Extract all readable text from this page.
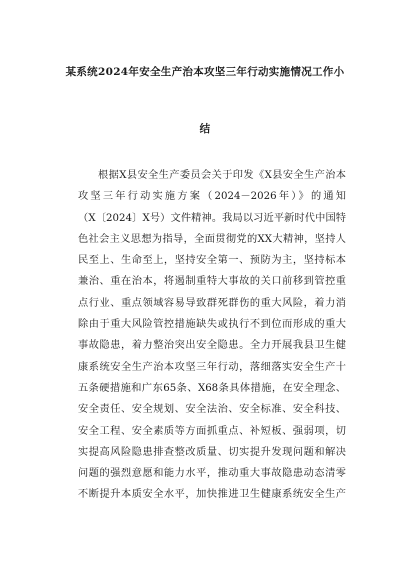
某系统2024年安全生产治本攻坚三年行动实施情况工作小
结
根据X县安全生产委员会关于印发《X县安全生产治本
攻坚三年行动实施方案（2024－2026年）》的通知
（X〔2024〕X号）文件精神。我局以习近平新时代中国特
色社会主义思想为指导，全面贯彻党的XX大精神，坚持人
民至上、生命至上，坚持安全第一、预防为主，坚持标本
兼治、重在治本，将遏制重特大事故的关口前移到管控重
点行业、重点领域容易导致群死群伤的重大风险，着力消
除由于重大风险管控措施缺失或执行不到位而形成的重大
事故隐患，着力整治突出安全隐患。全力开展我县卫生健
康系统安全生产治本攻坚三年行动，落细落实安全生产十
五条硬措施和广东65条、X68条具体措施，在安全理念、
安全责任、安全规划、安全法治、安全标准、安全科技、
安全工程、安全素质等方面抓重点、补短板、强弱项，切
实提高风险隐患排查整改质量、切实提升发现问题和解决
问题的强烈意愿和能力水平，推动重大事故隐患动态清零
不断提升本质安全水平，加快推进卫生健康系统安全生产
